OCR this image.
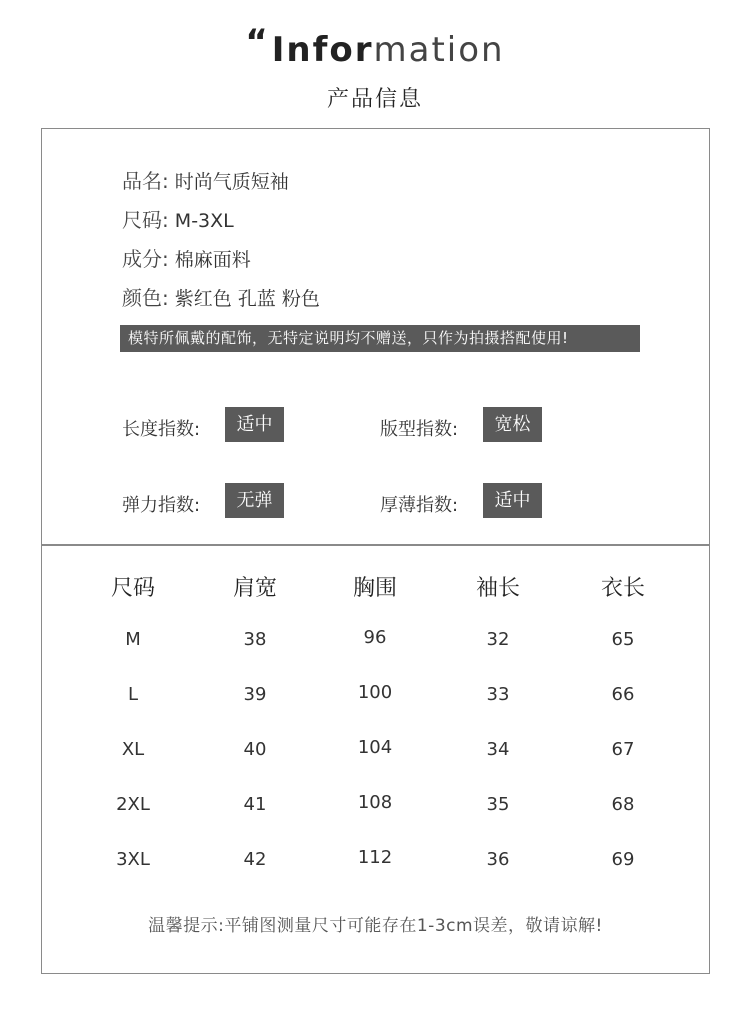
“Information
产品信息
品名: 时尚气质短袖
尺码: M-3XL
成分: 棉麻面料
颜色: 紫红色 孔蓝 粉色
模特所佩戴的配饰，无特定说明均不赠送，只作为拍摄搭配使用!
长度指数:	适中	版型指数:	宽松
弹力指数:	无弹	厚薄指数:	适中
尺码	肩宽	胸围	袖长	衣长
M	38	96	32	65
L	39	100	33	66
XL	40	104	34	67
2XL	41	108	35	68
3XL	42	112	36	69
温馨提示:平铺图测量尺寸可能存在1-3cm误差，敬请谅解!
